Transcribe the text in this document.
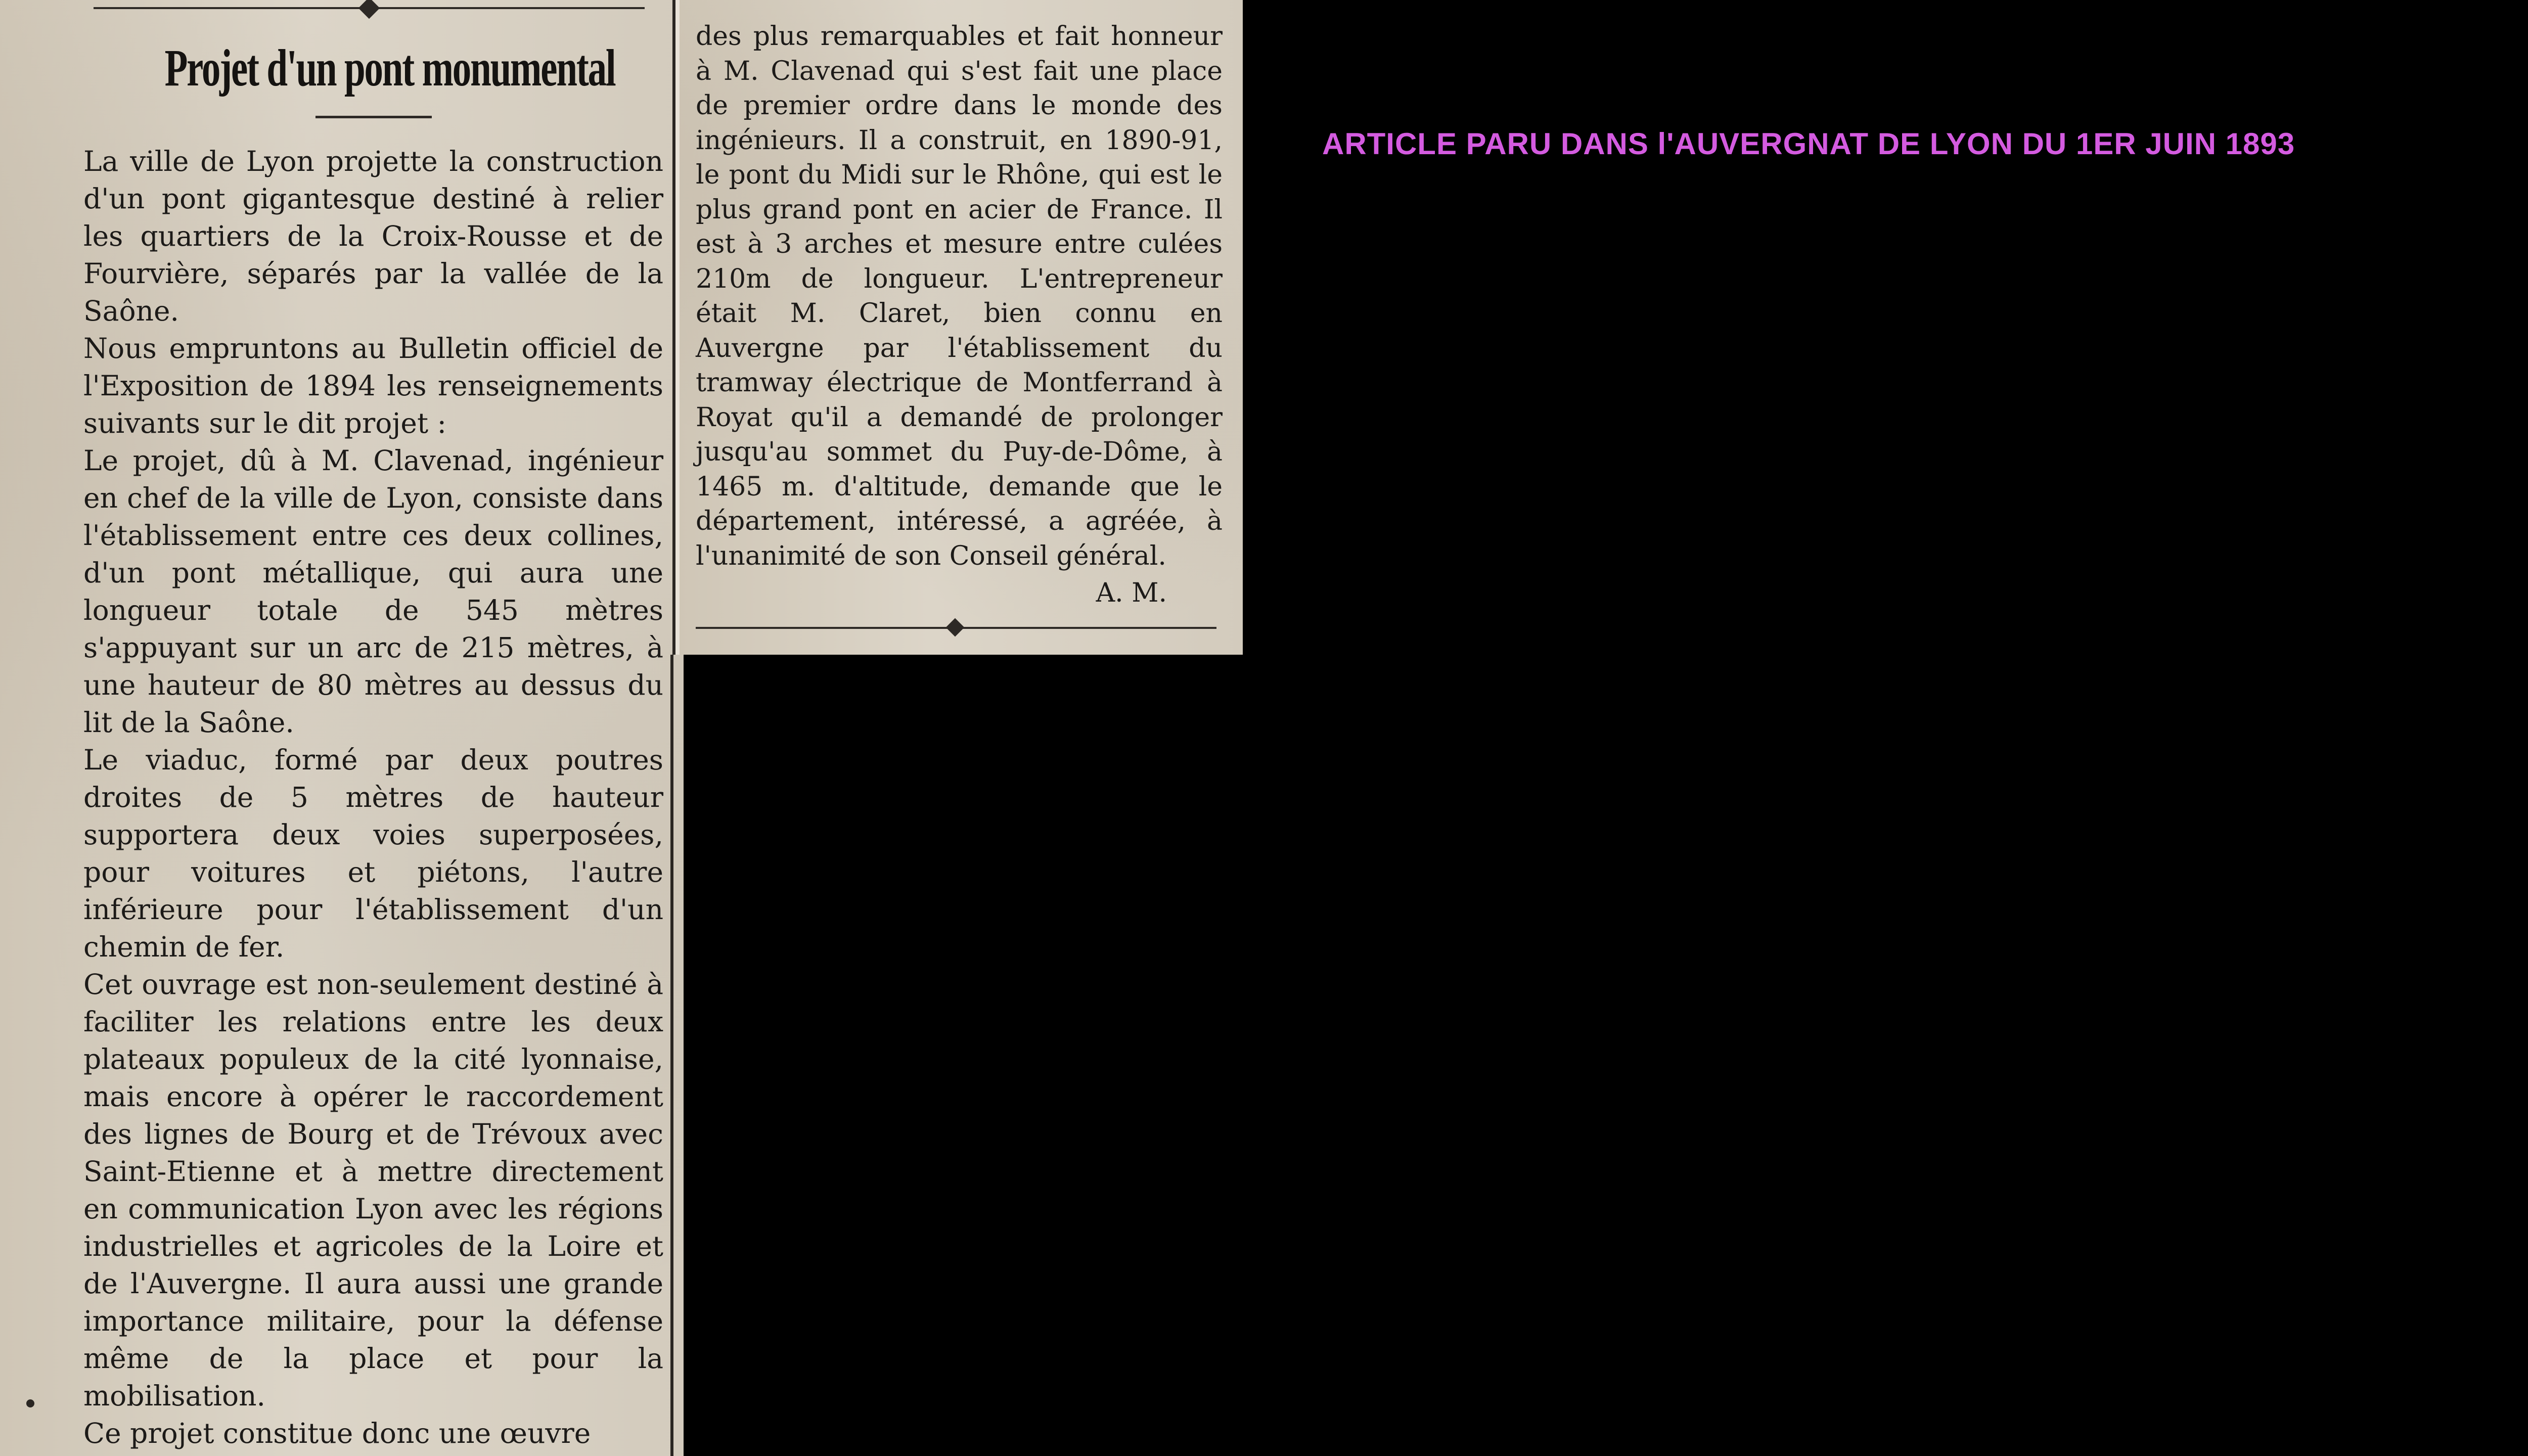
Projet d'un pont monumental

La ville de Lyon projette la construction d'un pont gigantesque destiné à relier les quartiers de la Croix-Rousse et de Fourvière, séparés par la vallée de la Saône.

Nous empruntons au Bulletin officiel de l'Exposition de 1894 les renseignements suivants sur le dit projet :

Le projet, dû à M. Clavenad, ingénieur en chef de la ville de Lyon, consiste dans l'établissement entre ces deux collines, d'un pont métallique, qui aura une longueur totale de 545 mètres s'appuyant sur un arc de 215 mètres, à une hauteur de 80 mètres au dessus du lit de la Saône.

Le viaduc, formé par deux poutres droites de 5 mètres de hauteur supportera deux voies superposées, pour voitures et piétons, l'autre inférieure pour l'établissement d'un chemin de fer.

Cet ouvrage est non-seulement destiné à faciliter les relations entre les deux plateaux populeux de la cité lyonnaise, mais encore à opérer le raccordement des lignes de Bourg et de Trévoux avec Saint-Etienne et à mettre directement en communication Lyon avec les régions industrielles et agricoles de la Loire et de l'Auvergne. Il aura aussi une grande importance militaire, pour la défense même de la place et pour la mobilisation.

Ce projet constitue donc une œuvre

des plus remarquables et fait honneur à M. Clavenad qui s'est fait une place de premier ordre dans le monde des ingénieurs. Il a construit, en 1890-91, le pont du Midi sur le Rhône, qui est le plus grand pont en acier de France. Il est à 3 arches et mesure entre culées 210m de longueur. L'entrepreneur était M. Claret, bien connu en Auvergne par l'établissement du tramway électrique de Montferrand à Royat qu'il a demandé de prolonger jusqu'au sommet du Puy-de-Dôme, à 1465 m. d'altitude, demande que le département, intéressé, a agréée, à l'unanimité de son Conseil général.

A. M.
ARTICLE PARU DANS l'AUVERGNAT DE LYON DU 1ER JUIN 1893
